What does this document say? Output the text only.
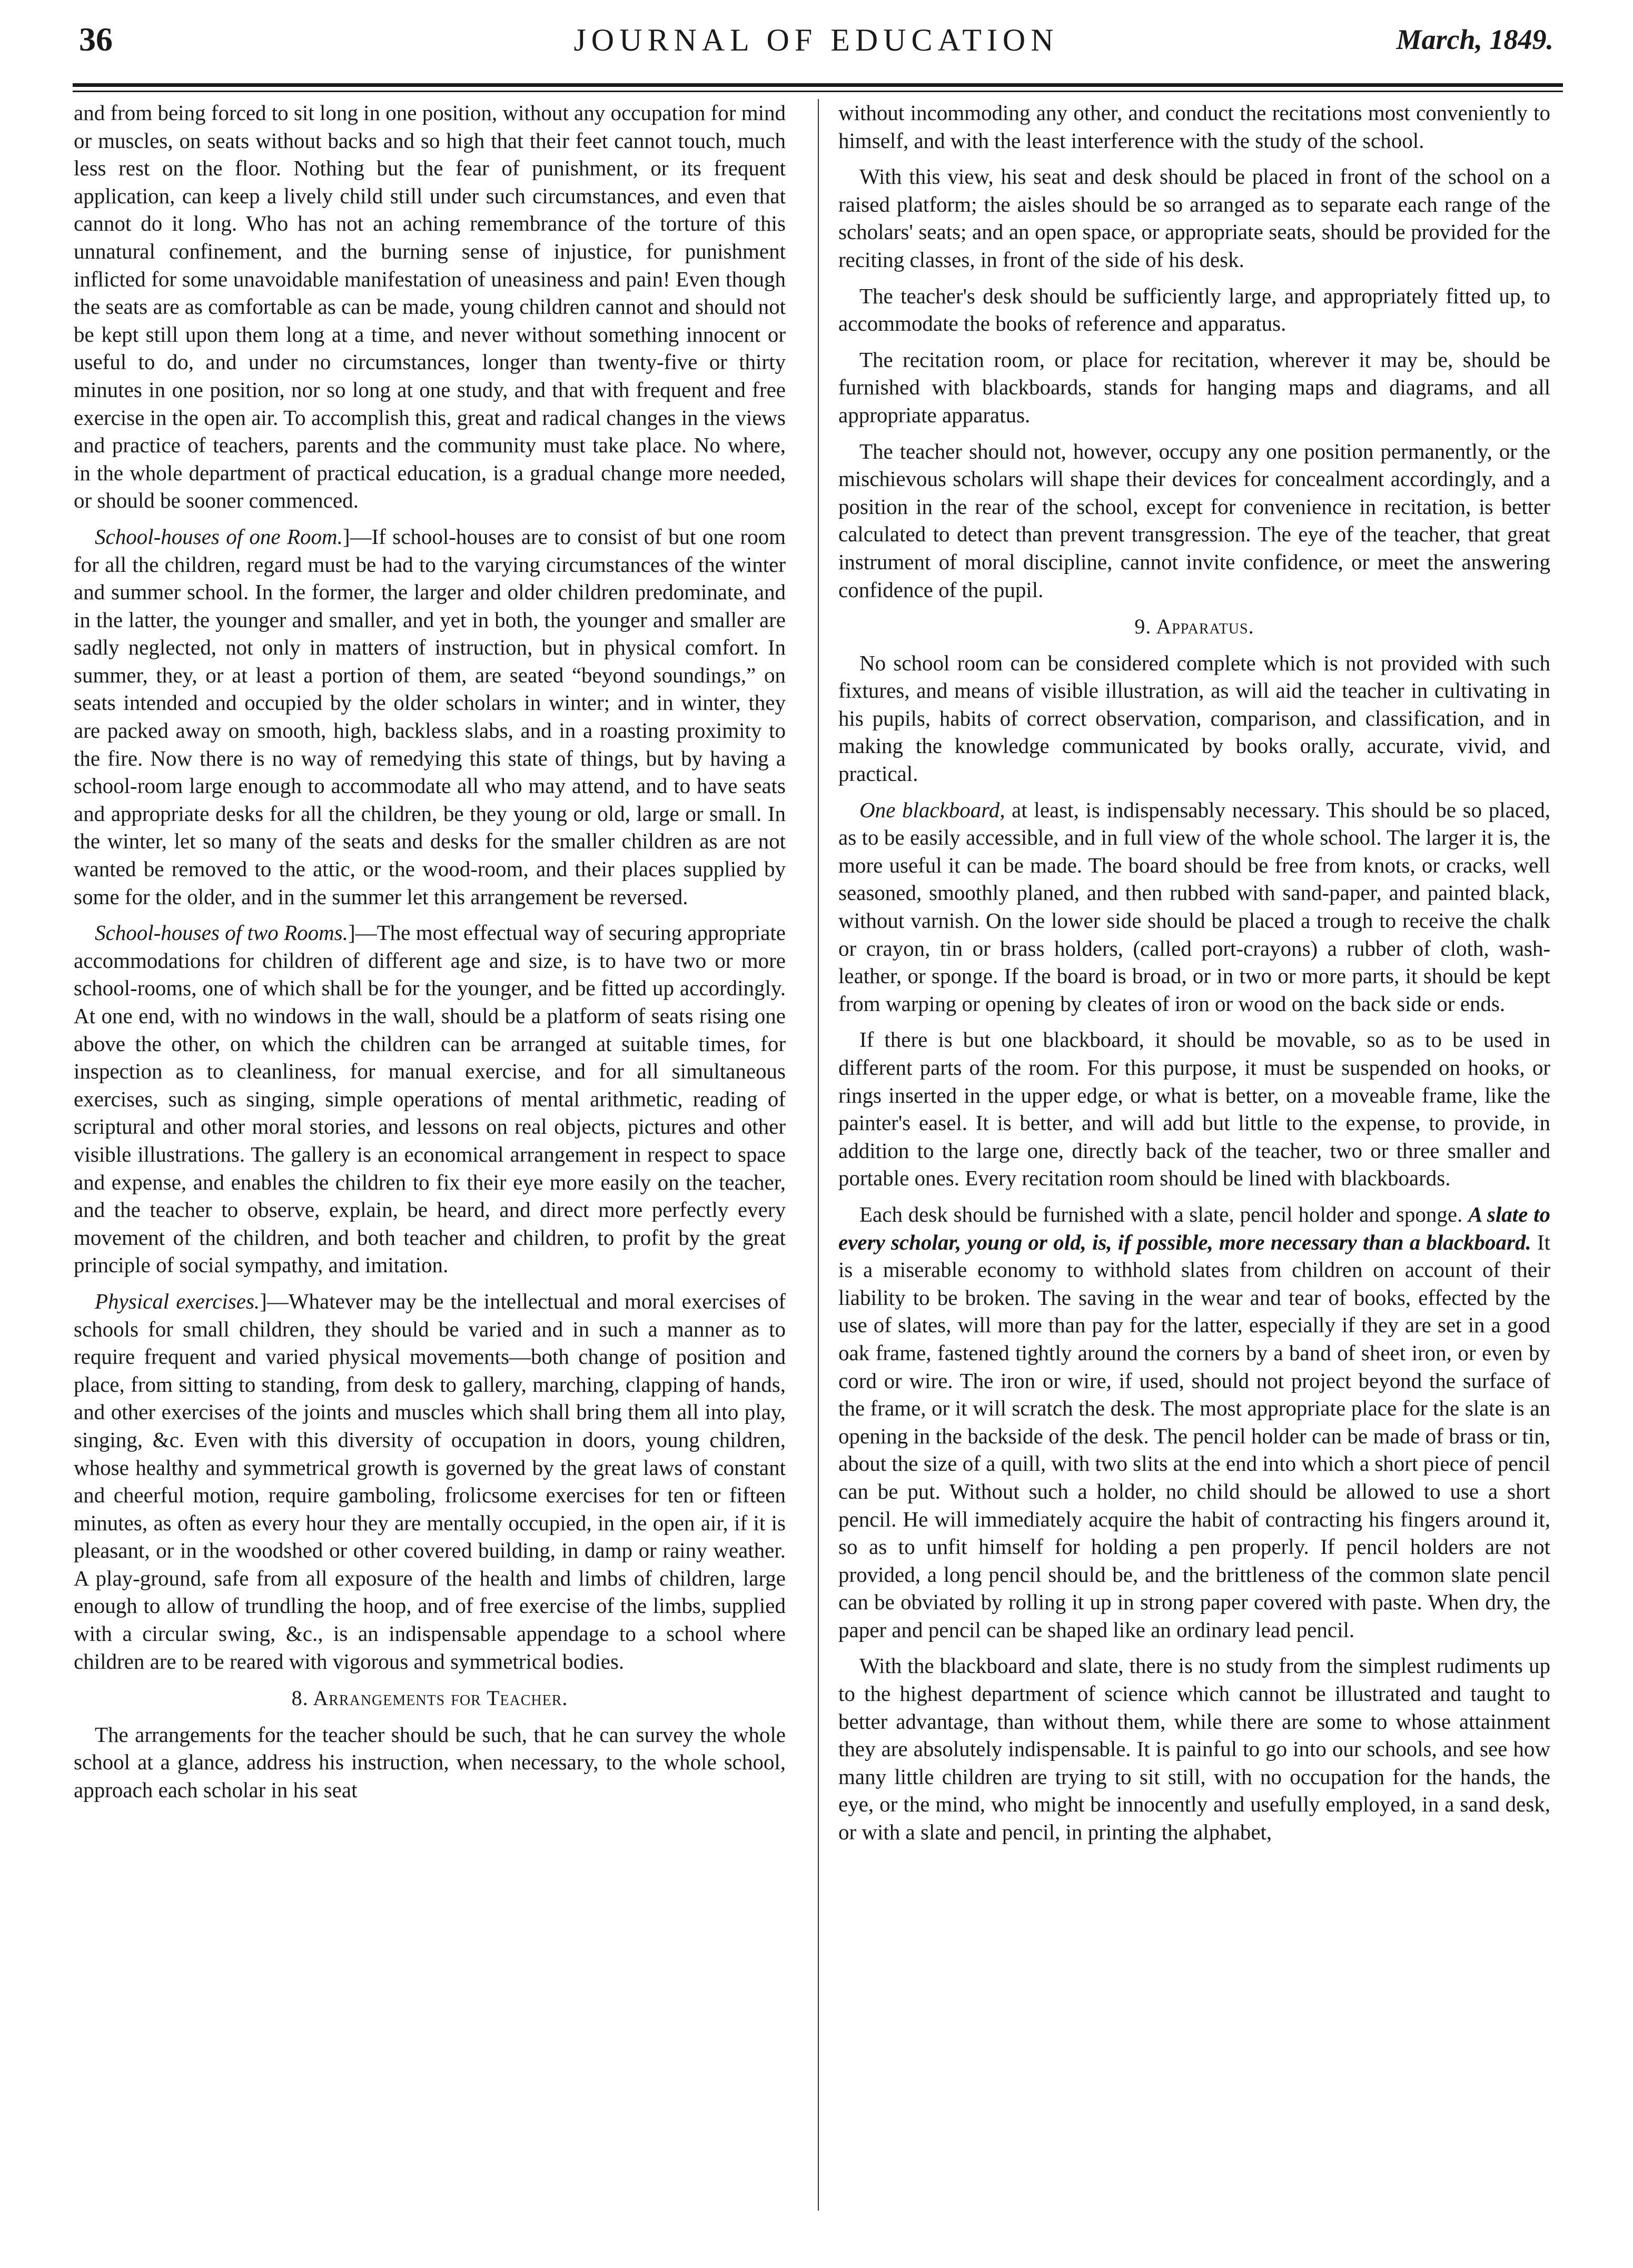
36	JOURNAL OF EDUCATION	March, 1849.

and from being forced to sit long in one position, without any occupation for mind or muscles, on seats without backs and so high that their feet cannot touch, much less rest on the floor. Nothing but the fear of punishment, or its frequent application, can keep a lively child still under such circumstances, and even that cannot do it long. Who has not an aching remembrance of the torture of this unnatural confinement, and the burning sense of injustice, for punishment inflicted for some unavoidable manifestation of uneasiness and pain! Even though the seats are as comfortable as can be made, young children cannot and should not be kept still upon them long at a time, and never without something innocent or useful to do, and under no circumstances, longer than twenty-five or thirty minutes in one position, nor so long at one study, and that with frequent and free exercise in the open air. To accomplish this, great and radical changes in the views and practice of teachers, parents and the community must take place. No where, in the whole department of practical education, is a gradual change more needed, or should be sooner commenced.

School-houses of one Room.]—If school-houses are to consist of but one room for all the children, regard must be had to the varying circumstances of the winter and summer school. In the former, the larger and older children predominate, and in the latter, the younger and smaller, and yet in both, the younger and smaller are sadly neglected, not only in matters of instruction, but in physical comfort. In summer, they, or at least a portion of them, are seated “beyond soundings,” on seats intended and occupied by the older scholars in winter; and in winter, they are packed away on smooth, high, backless slabs, and in a roasting proximity to the fire. Now there is no way of remedying this state of things, but by having a school-room large enough to accommodate all who may attend, and to have seats and appropriate desks for all the children, be they young or old, large or small. In the winter, let so many of the seats and desks for the smaller children as are not wanted be removed to the attic, or the wood-room, and their places supplied by some for the older, and in the summer let this arrangement be reversed.

School-houses of two Rooms.]—The most effectual way of securing appropriate accommodations for children of different age and size, is to have two or more school-rooms, one of which shall be for the younger, and be fitted up accordingly. At one end, with no windows in the wall, should be a platform of seats rising one above the other, on which the children can be arranged at suitable times, for inspection as to cleanliness, for manual exercise, and for all simultaneous exercises, such as singing, simple operations of mental arithmetic, reading of scriptural and other moral stories, and lessons on real objects, pictures and other visible illustrations. The gallery is an economical arrangement in respect to space and expense, and enables the children to fix their eye more easily on the teacher, and the teacher to observe, explain, be heard, and direct more perfectly every movement of the children, and both teacher and children, to profit by the great principle of social sympathy, and imitation.

Physical exercises.]—Whatever may be the intellectual and moral exercises of schools for small children, they should be varied and in such a manner as to require frequent and varied physical movements—both change of position and place, from sitting to standing, from desk to gallery, marching, clapping of hands, and other exercises of the joints and muscles which shall bring them all into play, singing, &c. Even with this diversity of occupation in doors, young children, whose healthy and symmetrical growth is governed by the great laws of constant and cheerful motion, require gamboling, frolicsome exercises for ten or fifteen minutes, as often as every hour they are mentally occupied, in the open air, if it is pleasant, or in the woodshed or other covered building, in damp or rainy weather. A play-ground, safe from all exposure of the health and limbs of children, large enough to allow of trundling the hoop, and of free exercise of the limbs, supplied with a circular swing, &c., is an indispensable appendage to a school where children are to be reared with vigorous and symmetrical bodies.

8. Arrangements for Teacher.

The arrangements for the teacher should be such, that he can survey the whole school at a glance, address his instruction, when necessary, to the whole school, approach each scholar in his seat

without incommoding any other, and conduct the recitations most conveniently to himself, and with the least interference with the study of the school.

With this view, his seat and desk should be placed in front of the school on a raised platform; the aisles should be so arranged as to separate each range of the scholars' seats; and an open space, or appropriate seats, should be provided for the reciting classes, in front of the side of his desk.

The teacher's desk should be sufficiently large, and appropriately fitted up, to accommodate the books of reference and apparatus.

The recitation room, or place for recitation, wherever it may be, should be furnished with blackboards, stands for hanging maps and diagrams, and all appropriate apparatus.

The teacher should not, however, occupy any one position permanently, or the mischievous scholars will shape their devices for concealment accordingly, and a position in the rear of the school, except for convenience in recitation, is better calculated to detect than prevent transgression. The eye of the teacher, that great instrument of moral discipline, cannot invite confidence, or meet the answering confidence of the pupil.

9. Apparatus.

No school room can be considered complete which is not provided with such fixtures, and means of visible illustration, as will aid the teacher in cultivating in his pupils, habits of correct observation, comparison, and classification, and in making the knowledge communicated by books orally, accurate, vivid, and practical.

One blackboard, at least, is indispensably necessary. This should be so placed, as to be easily accessible, and in full view of the whole school. The larger it is, the more useful it can be made. The board should be free from knots, or cracks, well seasoned, smoothly planed, and then rubbed with sand-paper, and painted black, without varnish. On the lower side should be placed a trough to receive the chalk or crayon, tin or brass holders, (called port-crayons) a rubber of cloth, wash-leather, or sponge. If the board is broad, or in two or more parts, it should be kept from warping or opening by cleates of iron or wood on the back side or ends.

If there is but one blackboard, it should be movable, so as to be used in different parts of the room. For this purpose, it must be suspended on hooks, or rings inserted in the upper edge, or what is better, on a moveable frame, like the painter's easel. It is better, and will add but little to the expense, to provide, in addition to the large one, directly back of the teacher, two or three smaller and portable ones. Every recitation room should be lined with blackboards.

Each desk should be furnished with a slate, pencil holder and sponge. A slate to every scholar, young or old, is, if possible, more necessary than a blackboard. It is a miserable economy to withhold slates from children on account of their liability to be broken. The saving in the wear and tear of books, effected by the use of slates, will more than pay for the latter, especially if they are set in a good oak frame, fastened tightly around the corners by a band of sheet iron, or even by cord or wire. The iron or wire, if used, should not project beyond the surface of the frame, or it will scratch the desk. The most appropriate place for the slate is an opening in the backside of the desk. The pencil holder can be made of brass or tin, about the size of a quill, with two slits at the end into which a short piece of pencil can be put. Without such a holder, no child should be allowed to use a short pencil. He will immediately acquire the habit of contracting his fingers around it, so as to unfit himself for holding a pen properly. If pencil holders are not provided, a long pencil should be, and the brittleness of the common slate pencil can be obviated by rolling it up in strong paper covered with paste. When dry, the paper and pencil can be shaped like an ordinary lead pencil.

With the blackboard and slate, there is no study from the simplest rudiments up to the highest department of science which cannot be illustrated and taught to better advantage, than without them, while there are some to whose attainment they are absolutely indispensable. It is painful to go into our schools, and see how many little children are trying to sit still, with no occupation for the hands, the eye, or the mind, who might be innocently and usefully employed, in a sand desk, or with a slate and pencil, in printing the alphabet,
